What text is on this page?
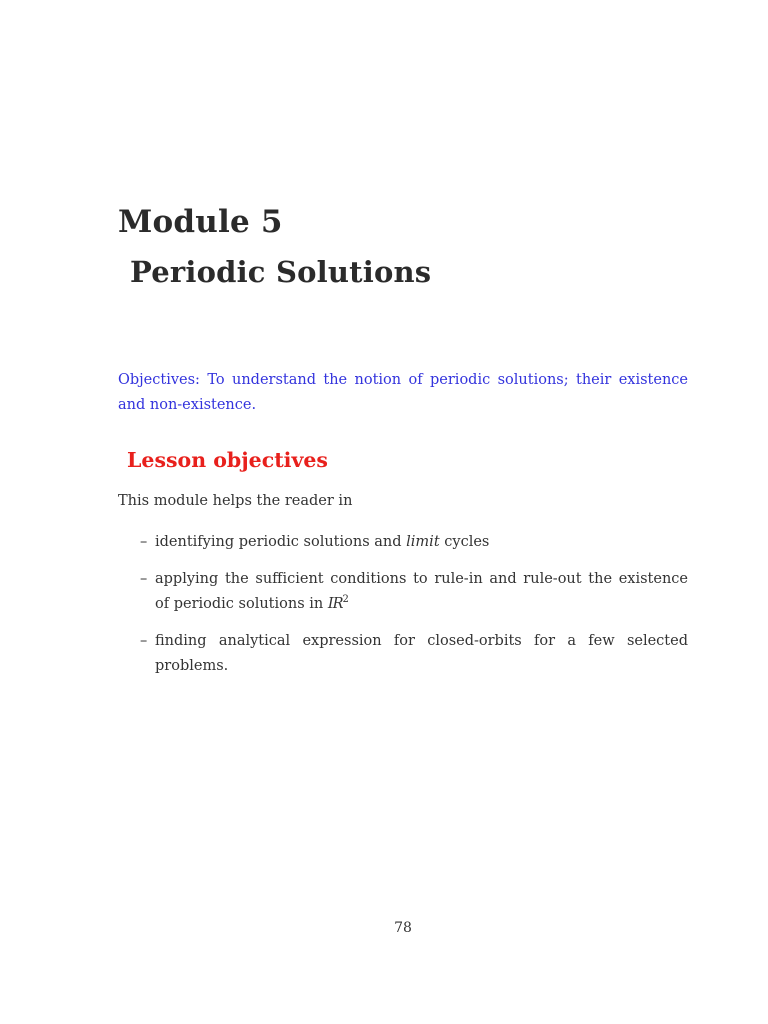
Module 5
Periodic Solutions
Objectives: To understand the notion of periodic solutions; their existence and non-existence.
Lesson objectives
This module helps the reader in
– identifying periodic solutions and limit cycles
– applying the sufficient conditions to rule-in and rule-out the existence of periodic solutions in $IR^2$
– finding analytical expression for closed-orbits for a few selected problems.
78
